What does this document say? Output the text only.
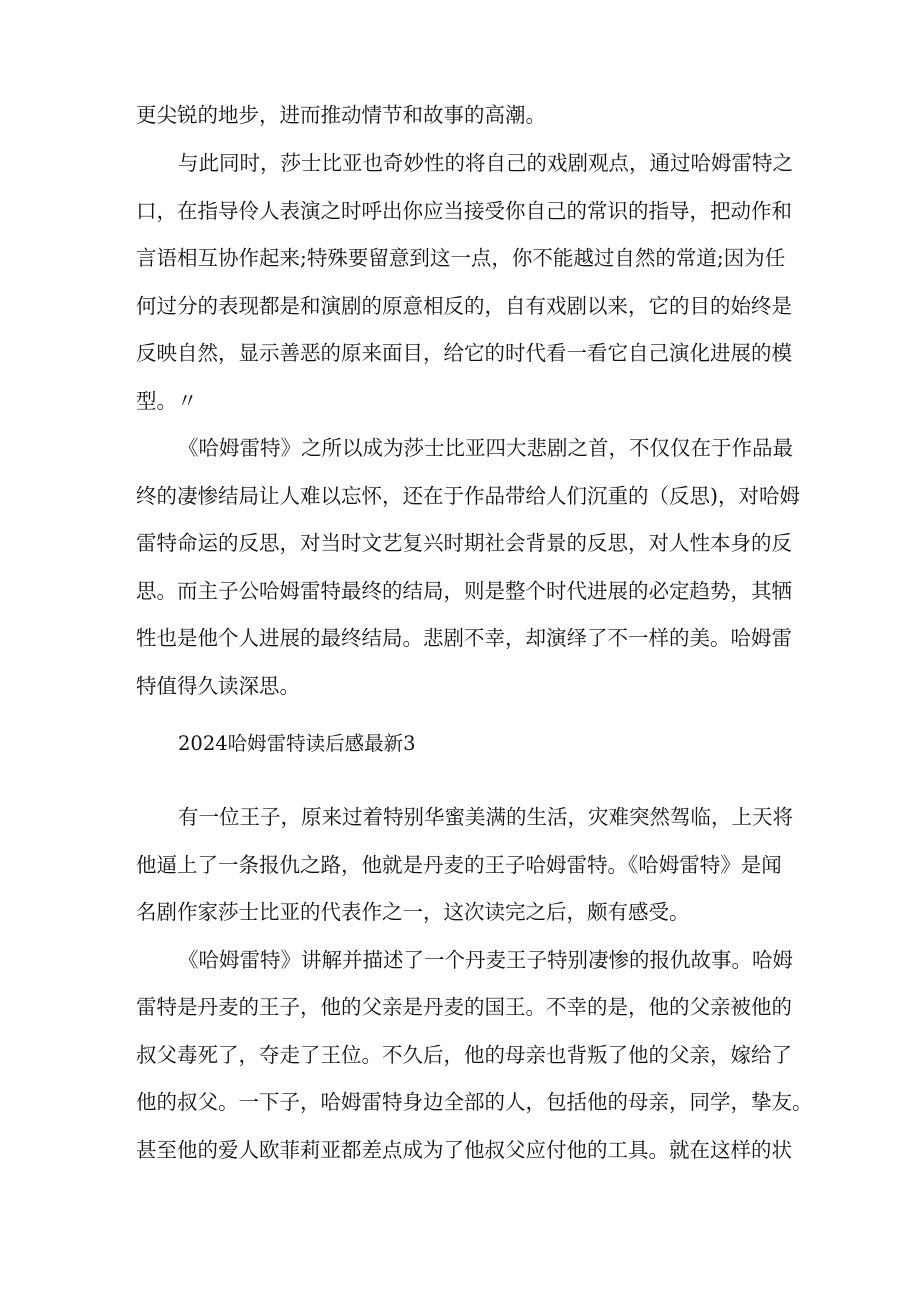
更尖锐的地步，进而推动情节和故事的高潮。

与此同时，莎士比亚也奇妙性的将自己的戏剧观点，通过哈姆雷特之

口，在指导伶人表演之时呼出你应当接受你自己的常识的指导，把动作和

言语相互协作起来;特殊要留意到这一点，你不能越过自然的常道;因为任

何过分的表现都是和演剧的原意相反的，自有戏剧以来，它的目的始终是

反映自然，显示善恶的原来面目，给它的时代看一看它自己演化进展的模

型。〃

《哈姆雷特》之所以成为莎士比亚四大悲剧之首，不仅仅在于作品最

终的凄惨结局让人难以忘怀，还在于作品带给人们沉重的（反思)，对哈姆

雷特命运的反思，对当时文艺复兴时期社会背景的反思，对人性本身的反

思。而主子公哈姆雷特最终的结局，则是整个时代进展的必定趋势，其牺

牲也是他个人进展的最终结局。悲剧不幸，却演绎了不一样的美。哈姆雷

特值得久读深思。

2024哈姆雷特读后感最新3

有一位王子，原来过着特别华蜜美满的生活，灾难突然驾临，上天将

他逼上了一条报仇之路，他就是丹麦的王子哈姆雷特。《哈姆雷特》是闻

名剧作家莎士比亚的代表作之一，这次读完之后，颇有感受。

《哈姆雷特》讲解并描述了一个丹麦王子特别凄惨的报仇故事。哈姆

雷特是丹麦的王子，他的父亲是丹麦的国王。不幸的是，他的父亲被他的

叔父毒死了，夺走了王位。不久后，他的母亲也背叛了他的父亲，嫁给了

他的叔父。一下子，哈姆雷特身边全部的人，包括他的母亲，同学，挚友。

甚至他的爱人欧菲莉亚都差点成为了他叔父应付他的工具。就在这样的状
